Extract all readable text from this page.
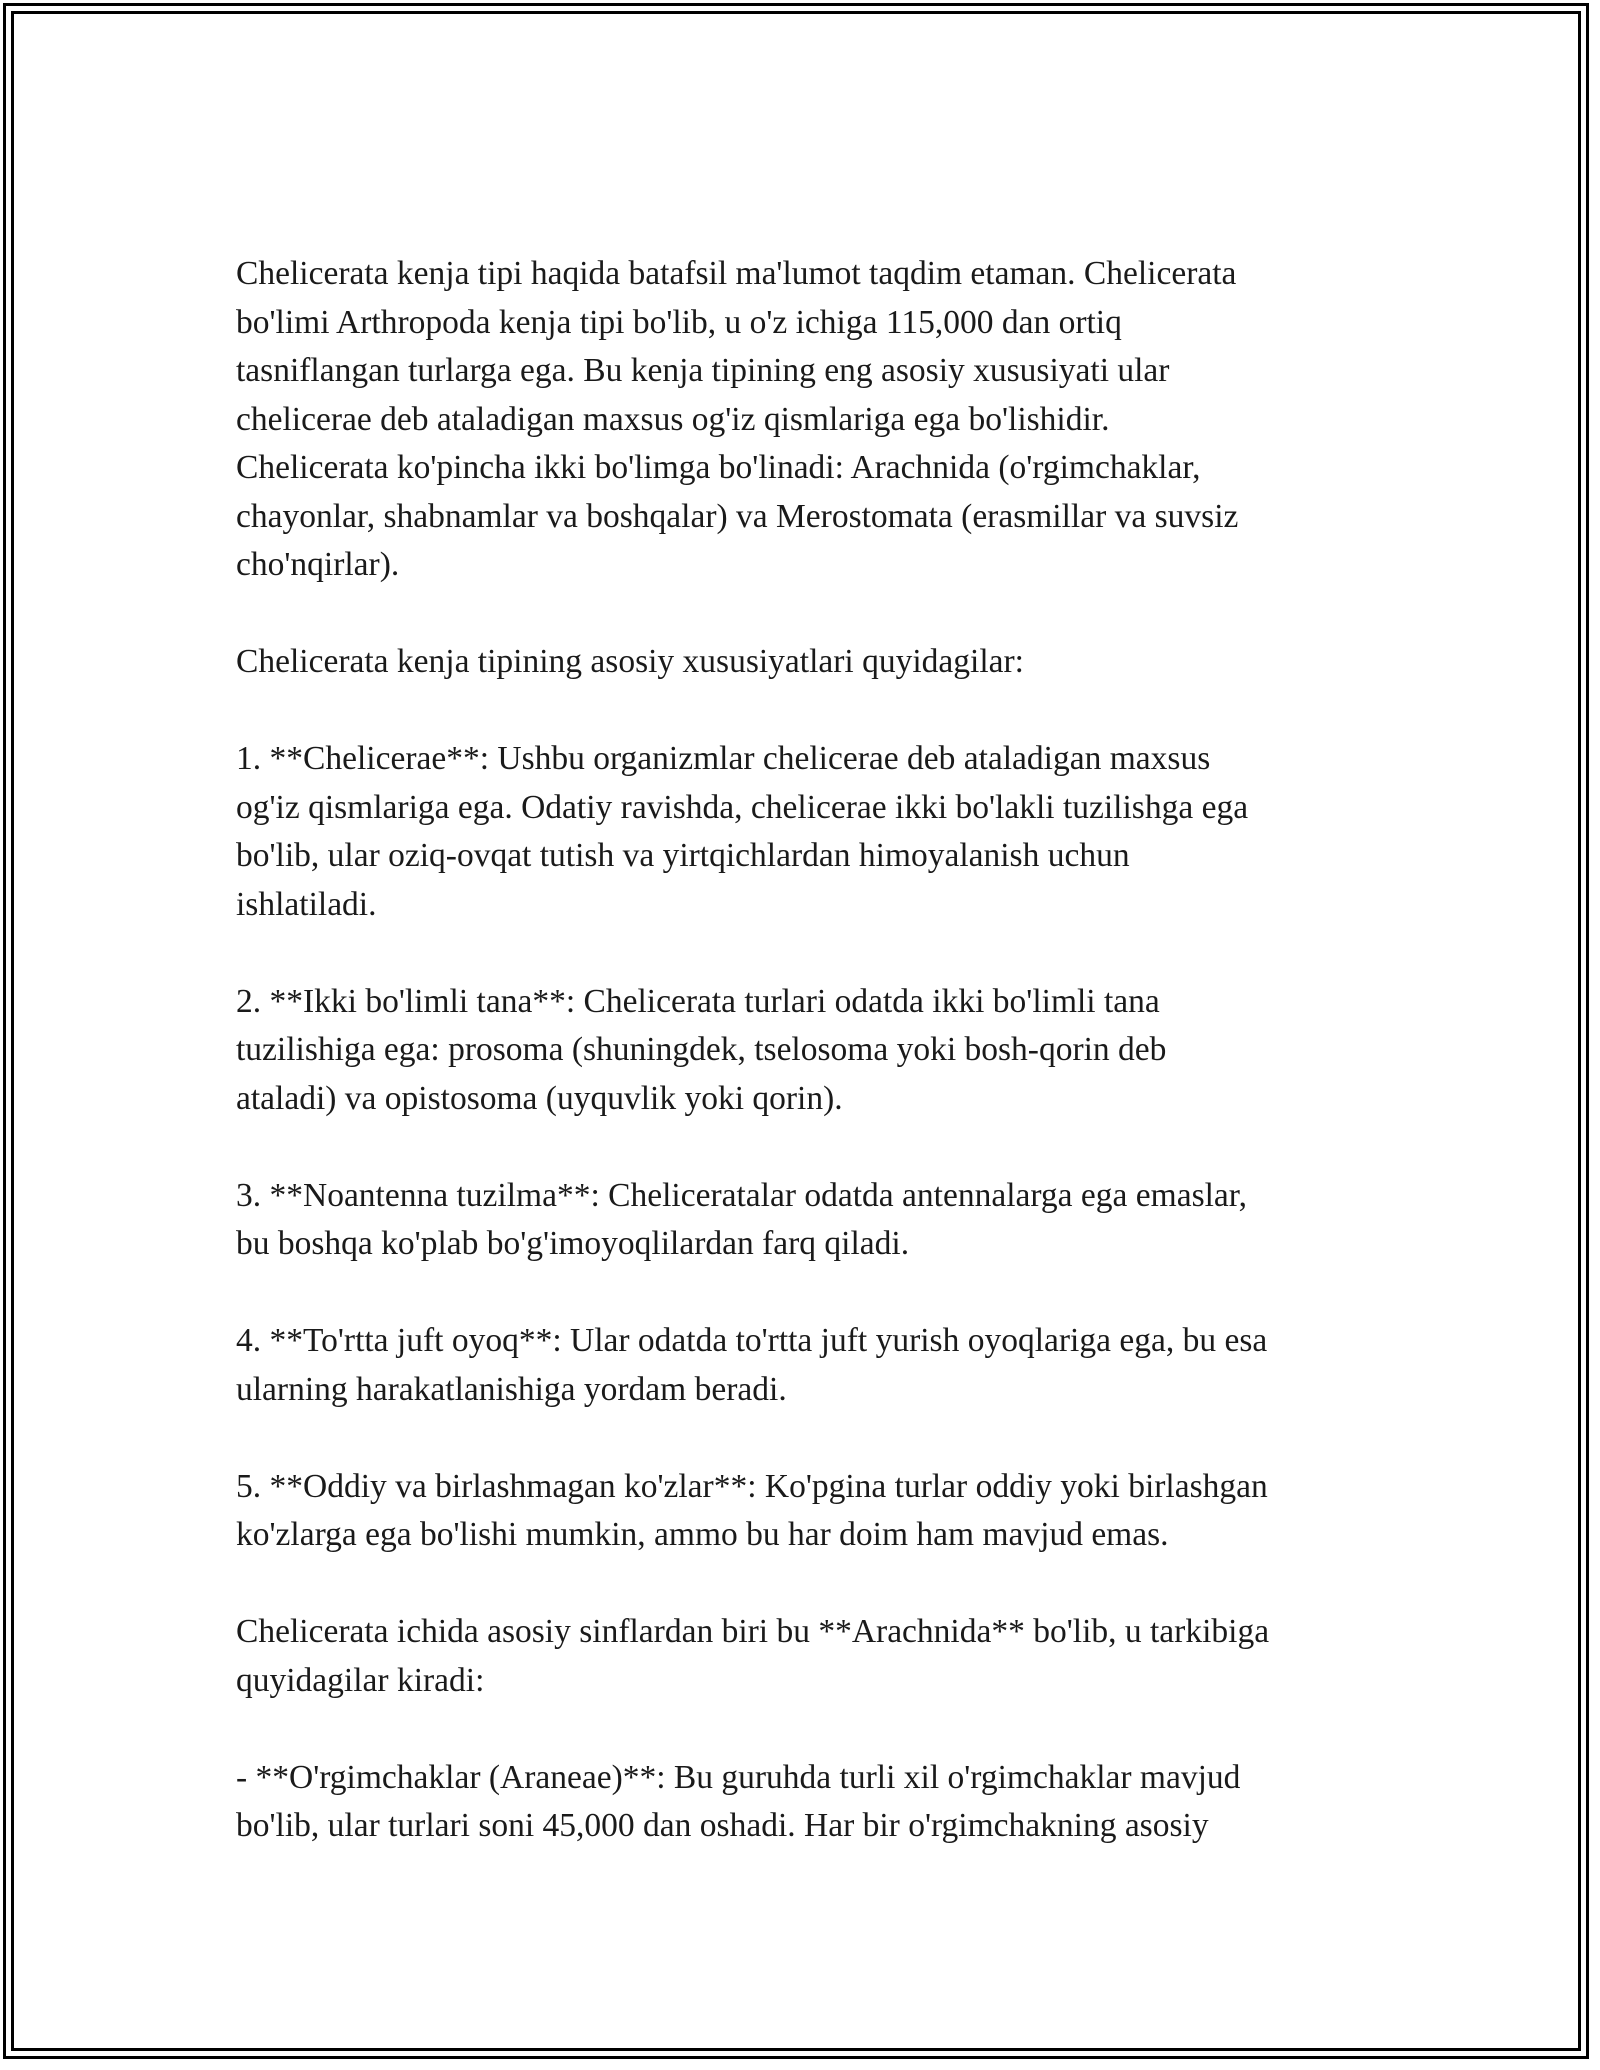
Chelicerata kenja tipi haqida batafsil ma'lumot taqdim etaman. Chelicerata
bo'limi Arthropoda kenja tipi bo'lib, u o'z ichiga 115,000 dan ortiq
tasniflangan turlarga ega. Bu kenja tipining eng asosiy xususiyati ular
chelicerae deb ataladigan maxsus og'iz qismlariga ega bo'lishidir.
Chelicerata ko'pincha ikki bo'limga bo'linadi: Arachnida (o'rgimchaklar,
chayonlar, shabnamlar va boshqalar) va Merostomata (erasmillar va suvsiz
cho'nqirlar).

Chelicerata kenja tipining asosiy xususiyatlari quyidagilar:

1. **Chelicerae**: Ushbu organizmlar chelicerae deb ataladigan maxsus
og'iz qismlariga ega. Odatiy ravishda, chelicerae ikki bo'lakli tuzilishga ega
bo'lib, ular oziq-ovqat tutish va yirtqichlardan himoyalanish uchun
ishlatiladi.

2. **Ikki bo'limli tana**: Chelicerata turlari odatda ikki bo'limli tana
tuzilishiga ega: prosoma (shuningdek, tselosoma yoki bosh-qorin deb
ataladi) va opistosoma (uyquvlik yoki qorin).

3. **Noantenna tuzilma**: Cheliceratalar odatda antennalarga ega emaslar,
bu boshqa ko'plab bo'g'imoyoqlilardan farq qiladi.

4. **To'rtta juft oyoq**: Ular odatda to'rtta juft yurish oyoqlariga ega, bu esa
ularning harakatlanishiga yordam beradi.

5. **Oddiy va birlashmagan ko'zlar**: Ko'pgina turlar oddiy yoki birlashgan
ko'zlarga ega bo'lishi mumkin, ammo bu har doim ham mavjud emas.

Chelicerata ichida asosiy sinflardan biri bu **Arachnida** bo'lib, u tarkibiga
quyidagilar kiradi:

- **O'rgimchaklar (Araneae)**: Bu guruhda turli xil o'rgimchaklar mavjud
bo'lib, ular turlari soni 45,000 dan oshadi. Har bir o'rgimchakning asosiy
